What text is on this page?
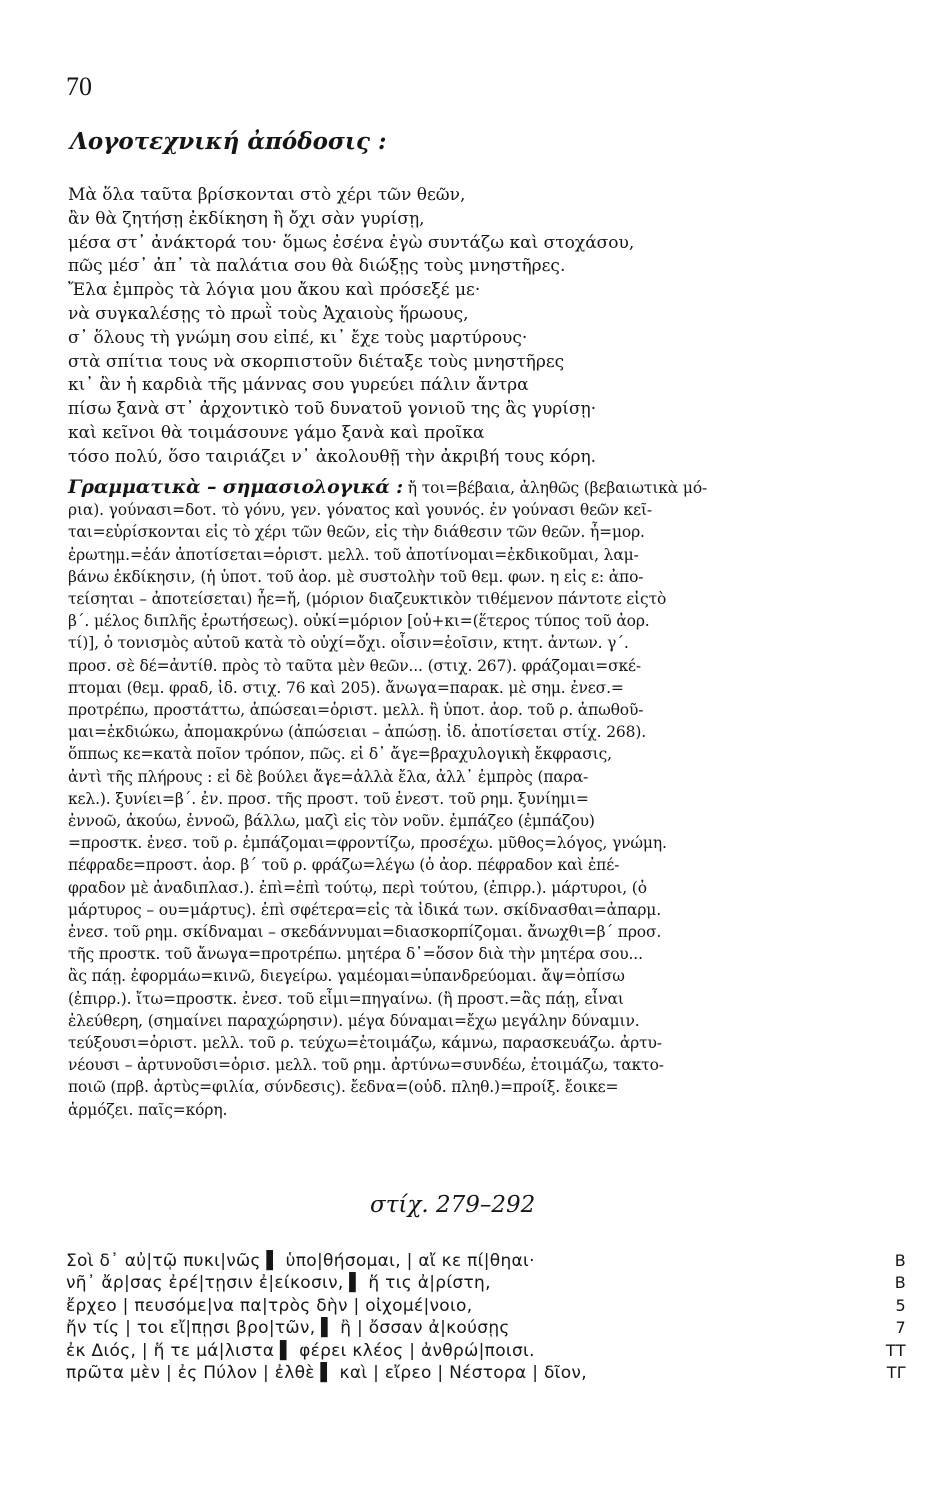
70
Λογοτεχνική ἀπόδοσις :
Μὰ ὅλα ταῦτα βρίσκονται στὸ χέρι τῶν θεῶν,
ἂν θὰ ζητήσῃ ἐκδίκηση ἢ ὄχι σὰν γυρίσῃ,
μέσα στ᾽ ἀνάκτορά του· ὅμως ἐσένα ἐγὼ συντάζω καὶ στοχάσου,
πῶς μέσ᾽ ἀπ᾽ τὰ παλάτια σου θὰ διώξῃς τοὺς μνηστῆρες.
Ἔλα ἐμπρὸς τὰ λόγια μου ἄκου καὶ πρόσεξέ με·
νὰ συγκαλέσῃς τὸ πρωῒ τοὺς Ἀχαιοὺς ἥρωους,
σ᾽ ὅλους τὴ γνώμη σου εἰπέ, κι᾽ ἔχε τοὺς μαρτύρους·
στὰ σπίτια τους νὰ σκορπιστοῦν διέταξε τοὺς μνηστῆρες
κι᾽ ἂν ἡ καρδιὰ τῆς μάννας σου γυρεύει πάλιν ἄντρα
πίσω ξανὰ στ᾽ ἀρχοντικὸ τοῦ δυνατοῦ γονιοῦ της ἂς γυρίσῃ·
καὶ κεῖνοι θὰ τοιμάσουνε γάμο ξανὰ καὶ προῖκα
τόσο πολύ, ὅσο ταιριάζει ν᾽ ἀκολουθῇ τὴν ἀκριβή τους κόρη.
Γραμματικὰ – σημασιολογικά : ἤ τοι=βέβαια, ἀληθῶς (βεβαιωτικὰ μό-
ρια). γούνασι=δοτ. τὸ γόνυ, γεν. γόνατος καὶ γουνός. ἐν γούνασι θεῶν κεῖ-
ται=εὑρίσκονται εἰς τὸ χέρι τῶν θεῶν, εἰς τὴν διάθεσιν τῶν θεῶν. ἦ=μορ.
ἐρωτημ.=ἐάν ἀποτίσεται=ὁριστ. μελλ. τοῦ ἀποτίνομαι=ἐκδικοῦμαι, λαμ-
βάνω ἐκδίκησιν, (ἡ ὑποτ. τοῦ ἀορ. μὲ συστολὴν τοῦ θεμ. φων. η εἰς ε: ἀπο-
τείσηται – ἀποτείσεται) ἦε=ἤ, (μόριον διαζευκτικὸν τιθέμενον πάντοτε εἰςτὸ
β΄. μέλος διπλῆς ἐρωτήσεως). οὐκί=μόριον [οὐ+κι=(ἕτερος τύπος τοῦ ἀορ.
τί)], ὁ τονισμὸς αὐτοῦ κατὰ τὸ οὐχί=ὄχι. οἷσιν=ἑοῖσιν, κτητ. ἀντων. γ΄.
προσ. σὲ δέ=ἀντίθ. πρὸς τὸ ταῦτα μὲν θεῶν... (στιχ. 267). φράζομαι=σκέ-
πτομαι (θεμ. φραδ, ἰδ. στιχ. 76 καὶ 205). ἄνωγα=παρακ. μὲ σημ. ἐνεσ.=
προτρέπω, προστάττω, ἀπώσεαι=ὁριστ. μελλ. ἢ ὑποτ. ἀορ. τοῦ ρ. ἀπωθοῦ-
μαι=ἐκδιώκω, ἀπομακρύνω (ἀπώσειαι – ἀπώσῃ. ἰδ. ἀποτίσεται στίχ. 268).
ὅππως κε=κατὰ ποῖον τρόπον, πῶς. εἰ δ᾽ ἄγε=βραχυλογικὴ ἔκφρασις,
ἀντὶ τῆς πλήρους : εἰ δὲ βούλει ἄγε=ἀλλὰ ἔλα, ἀλλ᾽ ἐμπρὸς (παρα-
κελ.). ξυνίει=β΄. ἐν. προσ. τῆς προστ. τοῦ ἐνεστ. τοῦ ρημ. ξυνίημι=
ἐννοῶ, ἀκούω, ἐννοῶ, βάλλω, μαζὶ εἰς τὸν νοῦν. ἐμπάζεο (ἐμπάζου)
=προστκ. ἐνεσ. τοῦ ρ. ἐμπάζομαι=φροντίζω, προσέχω. μῦθος=λόγος, γνώμη.
πέφραδε=προστ. ἀορ. β΄ τοῦ ρ. φράζω=λέγω (ὁ ἀορ. πέφραδον καὶ ἐπέ-
φραδον μὲ ἀναδιπλασ.). ἐπὶ=ἐπὶ τούτῳ, περὶ τούτου, (ἐπιρρ.). μάρτυροι, (ὁ
μάρτυρος – ου=μάρτυς). ἐπὶ σφέτερα=εἰς τὰ ἰδικά των. σκίδνασθαι=ἀπαρμ.
ἐνεσ. τοῦ ρημ. σκίδναμαι – σκεδάννυμαι=διασκορπίζομαι. ἄνωχθι=β΄ προσ.
τῆς προστκ. τοῦ ἄνωγα=προτρέπω. μητέρα δ᾽=ὅσον διὰ τὴν μητέρα σου...
ἂς πάῃ. ἐφορμάω=κινῶ, διεγείρω. γαμέομαι=ὑπανδρεύομαι. ἄψ=ὀπίσω
(ἐπιρρ.). ἴτω=προστκ. ἐνεσ. τοῦ εἶμι=πηγαίνω. (ἢ προστ.=ἂς πάῃ, εἶναι
ἐλεύθερη, (σημαίνει παραχώρησιν). μέγα δύναμαι=ἔχω μεγάλην δύναμιν.
τεύξουσι=ὁριστ. μελλ. τοῦ ρ. τεύχω=ἑτοιμάζω, κάμνω, παρασκευάζω. ἀρτυ-
νέουσι – ἀρτυνοῦσι=ὁρισ. μελλ. τοῦ ρημ. ἀρτύνω=συνδέω, ἑτοιμάζω, τακτο-
ποιῶ (πρβ. ἀρτὺς=φιλία, σύνδεσις). ἔεδνα=(οὐδ. πληθ.)=προίξ. ἔοικε=
ἁρμόζει. παῖς=κόρη.
στίχ. 279–292
Σοὶ δ᾽ αὐ|τῷ πυκι|νῶς ▌ ὑπο|θήσομαι, | αἴ κε πί|θηαι·	B
νῆ᾽ ἄρ|σας ἐρέ|τῃσιν ἐ|είκοσιν, ▌ ἥ τις ἀ|ρίστη,	B
ἔρχεο | πευσόμε|να πα|τρὸς δὴν | οἰχομέ|νοιο,	5
ἤν τίς | τοι εἴ|πῃσι βρο|τῶν, ▌ ἢ | ὄσσαν ἀ|κούσῃς	7
ἐκ Διός, | ἥ τε μά|λιστα ▌ φέρει κλέος | ἀνθρώ|ποισι.	ΤΤ
πρῶτα μὲν | ἐς Πύλον | ἐλθὲ ▌ καὶ | εἴρεο | Νέστορα | δῖον,	ΤΓ
